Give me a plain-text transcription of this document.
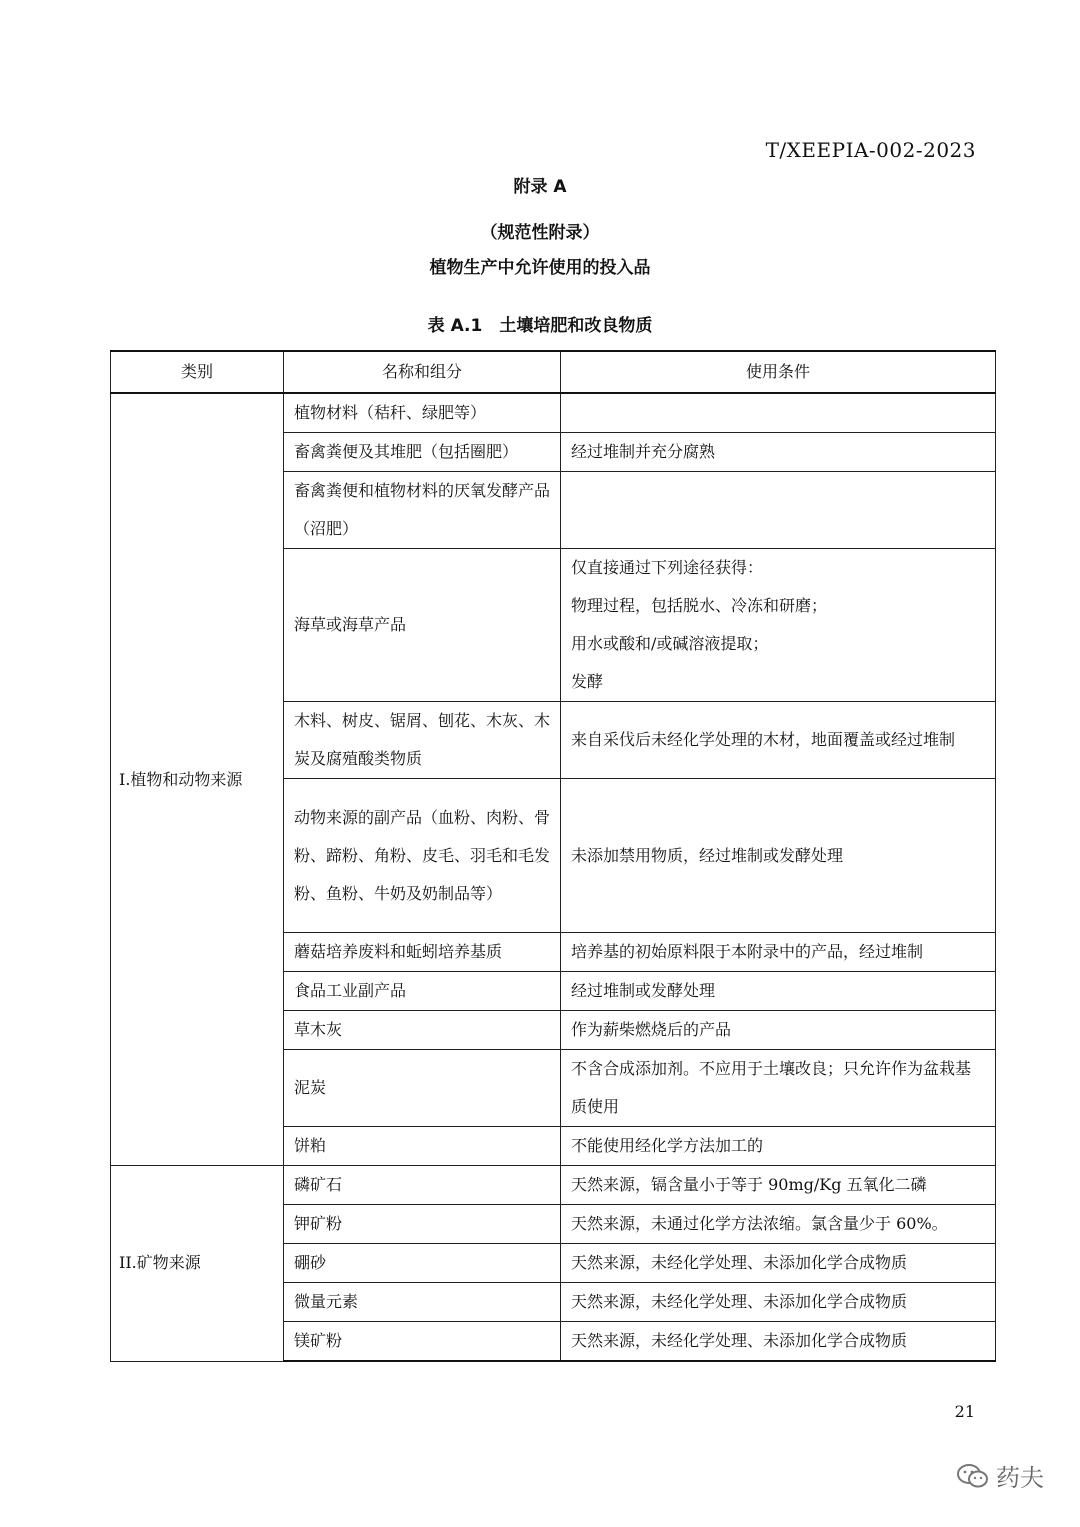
T/XEEPIA-002-2023
附录 A
（规范性附录）
植物生产中允许使用的投入品
表 A.1　土壤培肥和改良物质
类别	名称和组分	使用条件
I.植物和动物来源	植物材料（秸秆、绿肥等）	
	畜禽粪便及其堆肥（包括圈肥）	经过堆制并充分腐熟
	畜禽粪便和植物材料的厌氧发酵产品（沼肥）	
	海草或海草产品	仅直接通过下列途径获得：
物理过程，包括脱水、冷冻和研磨；
用水或酸和/或碱溶液提取；
发酵

	木料、树皮、锯屑、刨花、木灰、木炭及腐殖酸类物质	来自采伐后未经化学处理的木材，地面覆盖或经过堆制
	动物来源的副产品（血粉、肉粉、骨粉、蹄粉、角粉、皮毛、羽毛和毛发粉、鱼粉、牛奶及奶制品等）	未添加禁用物质，经过堆制或发酵处理
	蘑菇培养废料和蚯蚓培养基质	培养基的初始原料限于本附录中的产品，经过堆制
	食品工业副产品	经过堆制或发酵处理
	草木灰	作为薪柴燃烧后的产品
	泥炭	不含合成添加剂。不应用于土壤改良；只允许作为盆栽基质使用
	饼粕	不能使用经化学方法加工的
II.矿物来源	磷矿石	天然来源，镉含量小于等于 90mg/Kg 五氧化二磷
	钾矿粉	天然来源，未通过化学方法浓缩。氯含量少于 60%。
	硼砂	天然来源，未经化学处理、未添加化学合成物质
	微量元素	天然来源，未经化学处理、未添加化学合成物质
	镁矿粉	天然来源，未经化学处理、未添加化学合成物质
21
药夫
